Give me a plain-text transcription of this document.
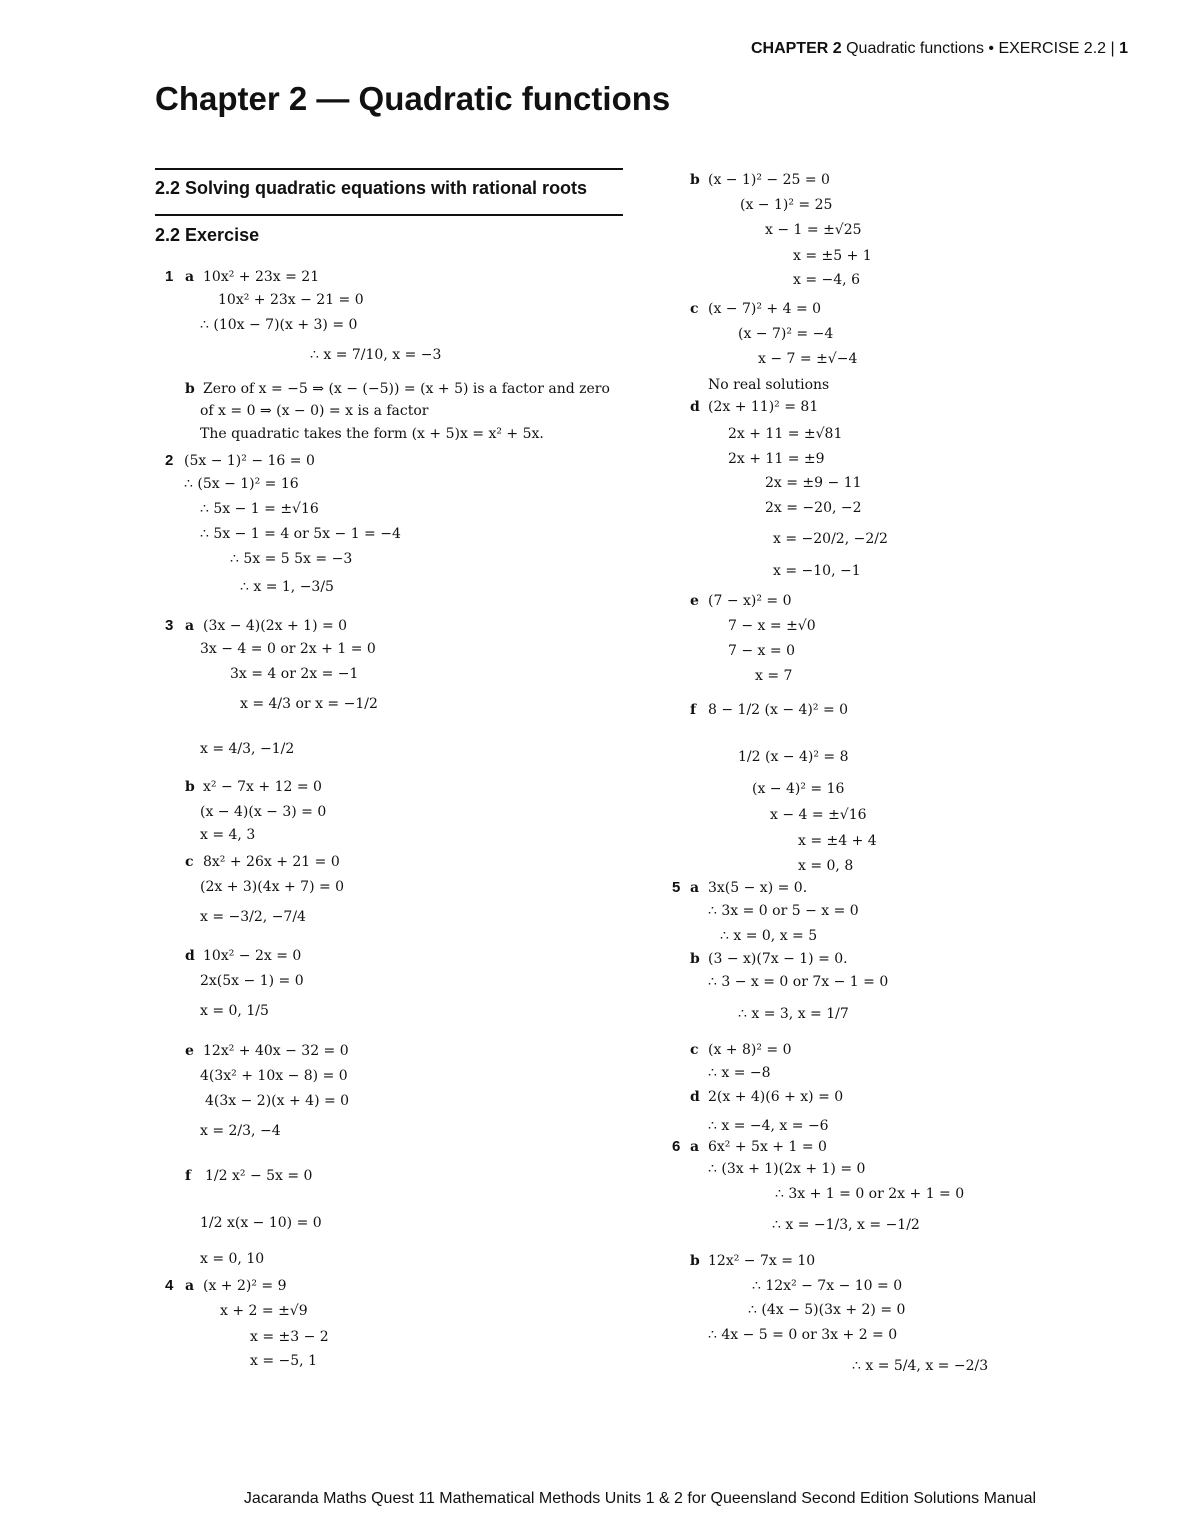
CHAPTER 2 Quadratic functions • EXERCISE 2.2 | 1
Chapter 2 — Quadratic functions
2.2 Solving quadratic equations with rational roots
2.2 Exercise
1 a 10x² + 23x = 21
10x² + 23x − 21 = 0
∴ (10x − 7)(x + 3) = 0
∴ x = 7/10, x = −3
b Zero of x = −5 ⇒ (x − (−5)) = (x + 5) is a factor and zero
of x = 0 ⇒ (x − 0) = x is a factor
The quadratic takes the form (x + 5)x = x² + 5x.
2 (5x − 1)² − 16 = 0
∴ (5x − 1)² = 16
∴ 5x − 1 = ±√16
∴ 5x − 1 = 4 or 5x − 1 = −4
∴ 5x = 5 5x = −3
∴ x = 1, −3/5
3 a (3x − 4)(2x + 1) = 0
3x − 4 = 0 or 2x + 1 = 0
3x = 4 or 2x = −1
x = 4/3 or x = −1/2
x = 4/3, −1/2
b x² − 7x + 12 = 0
(x − 4)(x − 3) = 0
x = 4, 3
c 8x² + 26x + 21 = 0
(2x + 3)(4x + 7) = 0
x = −3/2, −7/4
d 10x² − 2x = 0
2x(5x − 1) = 0
x = 0, 1/5
e 12x² + 40x − 32 = 0
4(3x² + 10x − 8) = 0
4(3x − 2)(x + 4) = 0
x = 2/3, −4
f 1/2 x² − 5x = 0
1/2 x(x − 10) = 0
x = 0, 10
4 a (x + 2)² = 9
x + 2 = ±√9
x = ±3 − 2
x = −5, 1
b (x − 1)² − 25 = 0
(x − 1)² = 25
x − 1 = ±√25
x = ±5 + 1
x = −4, 6
c (x − 7)² + 4 = 0
(x − 7)² = −4
x − 7 = ±√−4
No real solutions
d (2x + 11)² = 81
2x + 11 = ±√81
2x + 11 = ±9
2x = ±9 − 11
2x = −20, −2
x = −20/2, −2/2
x = −10, −1
e (7 − x)² = 0
7 − x = ±√0
7 − x = 0
x = 7
f 8 − 1/2 (x − 4)² = 0
1/2 (x − 4)² = 8
(x − 4)² = 16
x − 4 = ±√16
x = ±4 + 4
x = 0, 8
5 a 3x(5 − x) = 0.
∴ 3x = 0 or 5 − x = 0
∴ x = 0, x = 5
b (3 − x)(7x − 1) = 0.
∴ 3 − x = 0 or 7x − 1 = 0
∴ x = 3, x = 1/7
c (x + 8)² = 0
∴ x = −8
d 2(x + 4)(6 + x) = 0
∴ x = −4, x = −6
6 a 6x² + 5x + 1 = 0
∴ (3x + 1)(2x + 1) = 0
∴ 3x + 1 = 0 or 2x + 1 = 0
∴ x = −1/3, x = −1/2
b 12x² − 7x = 10
∴ 12x² − 7x − 10 = 0
∴ (4x − 5)(3x + 2) = 0
∴ 4x − 5 = 0 or 3x + 2 = 0
∴ x = 5/4, x = −2/3
Jacaranda Maths Quest 11 Mathematical Methods Units 1 & 2 for Queensland Second Edition Solutions Manual
